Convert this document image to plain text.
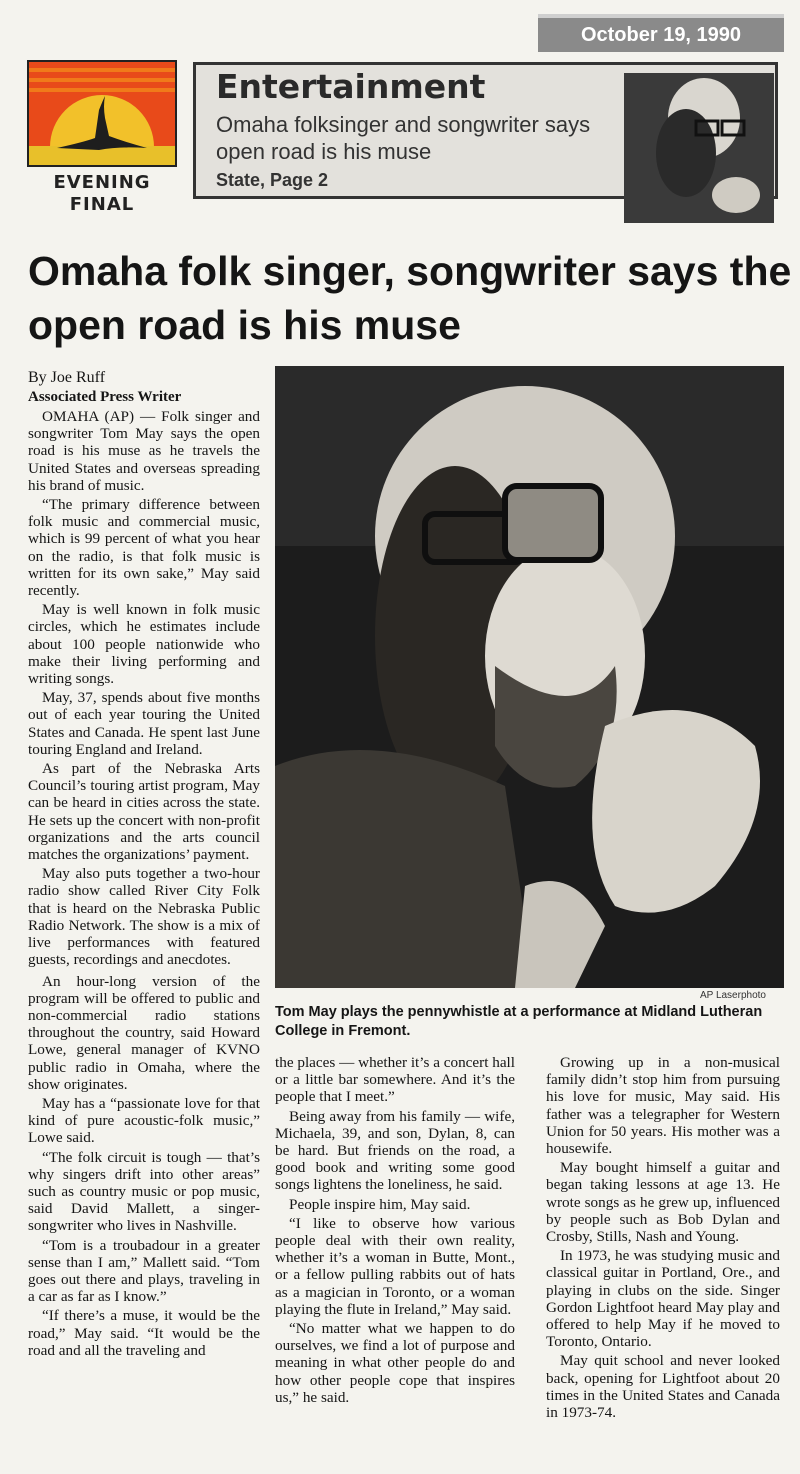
October 19, 1990
EVENING
FINAL
Entertainment
Omaha folksinger and songwriter says open road is his muse
State, Page 2
Omaha folk singer, songwriter says the open road is his muse
By Joe Ruff
Associated Press Writer

OMAHA (AP) — Folk singer and songwriter Tom May says the open road is his muse as he travels the United States and overseas spreading his brand of music.

“The primary difference between folk music and commercial music, which is 99 percent of what you hear on the radio, is that folk music is written for its own sake,” May said recently.

May is well known in folk music circles, which he estimates include about 100 people nationwide who make their living performing and writing songs.

May, 37, spends about five months out of each year touring the United States and Canada. He spent last June touring England and Ireland.

As part of the Nebraska Arts Council’s touring artist program, May can be heard in cities across the state. He sets up the concert with non-profit organizations and the arts council matches the organizations’ payment.

May also puts together a two-hour radio show called River City Folk that is heard on the Nebraska Public Radio Network. The show is a mix of live performances with featured guests, recordings and anecdotes.

An hour-long version of the program will be offered to public and non-commercial radio stations throughout the country, said Howard Lowe, general manager of KVNO public radio in Omaha, where the show originates.

May has a “passionate love for that kind of pure acoustic-folk music,” Lowe said.

“The folk circuit is tough — that’s why singers drift into other areas” such as country music or pop music, said David Mallett, a singer-songwriter who lives in Nashville.

“Tom is a troubadour in a greater sense than I am,” Mallett said. “Tom goes out there and plays, traveling in a car as far as I know.”

“If there’s a muse, it would be the road,” May said. “It would be the road and all the traveling and

AP Laserphoto
Tom May plays the pennywhistle at a performance at Midland Lutheran College in Fremont.

the places — whether it’s a concert hall or a little bar somewhere. And it’s the people that I meet.”

Being away from his family — wife, Michaela, 39, and son, Dylan, 8, can be hard. But friends on the road, a good book and writing some good songs lightens the loneliness, he said.

People inspire him, May said.

“I like to observe how various people deal with their own reality, whether it’s a woman in Butte, Mont., or a fellow pulling rabbits out of hats as a magician in Toronto, or a woman playing the flute in Ireland,” May said.

“No matter what we happen to do ourselves, we find a lot of purpose and meaning in what other people do and how other people cope that inspires us,” he said.

Growing up in a non-musical family didn’t stop him from pursuing his love for music, May said. His father was a telegrapher for Western Union for 50 years. His mother was a housewife.

May bought himself a guitar and began taking lessons at age 13. He wrote songs as he grew up, influenced by people such as Bob Dylan and Crosby, Stills, Nash and Young.

In 1973, he was studying music and classical guitar in Portland, Ore., and playing in clubs on the side. Singer Gordon Lightfoot heard May play and offered to help May if he moved to Toronto, Ontario.

May quit school and never looked back, opening for Lightfoot about 20 times in the United States and Canada in 1973-74.
